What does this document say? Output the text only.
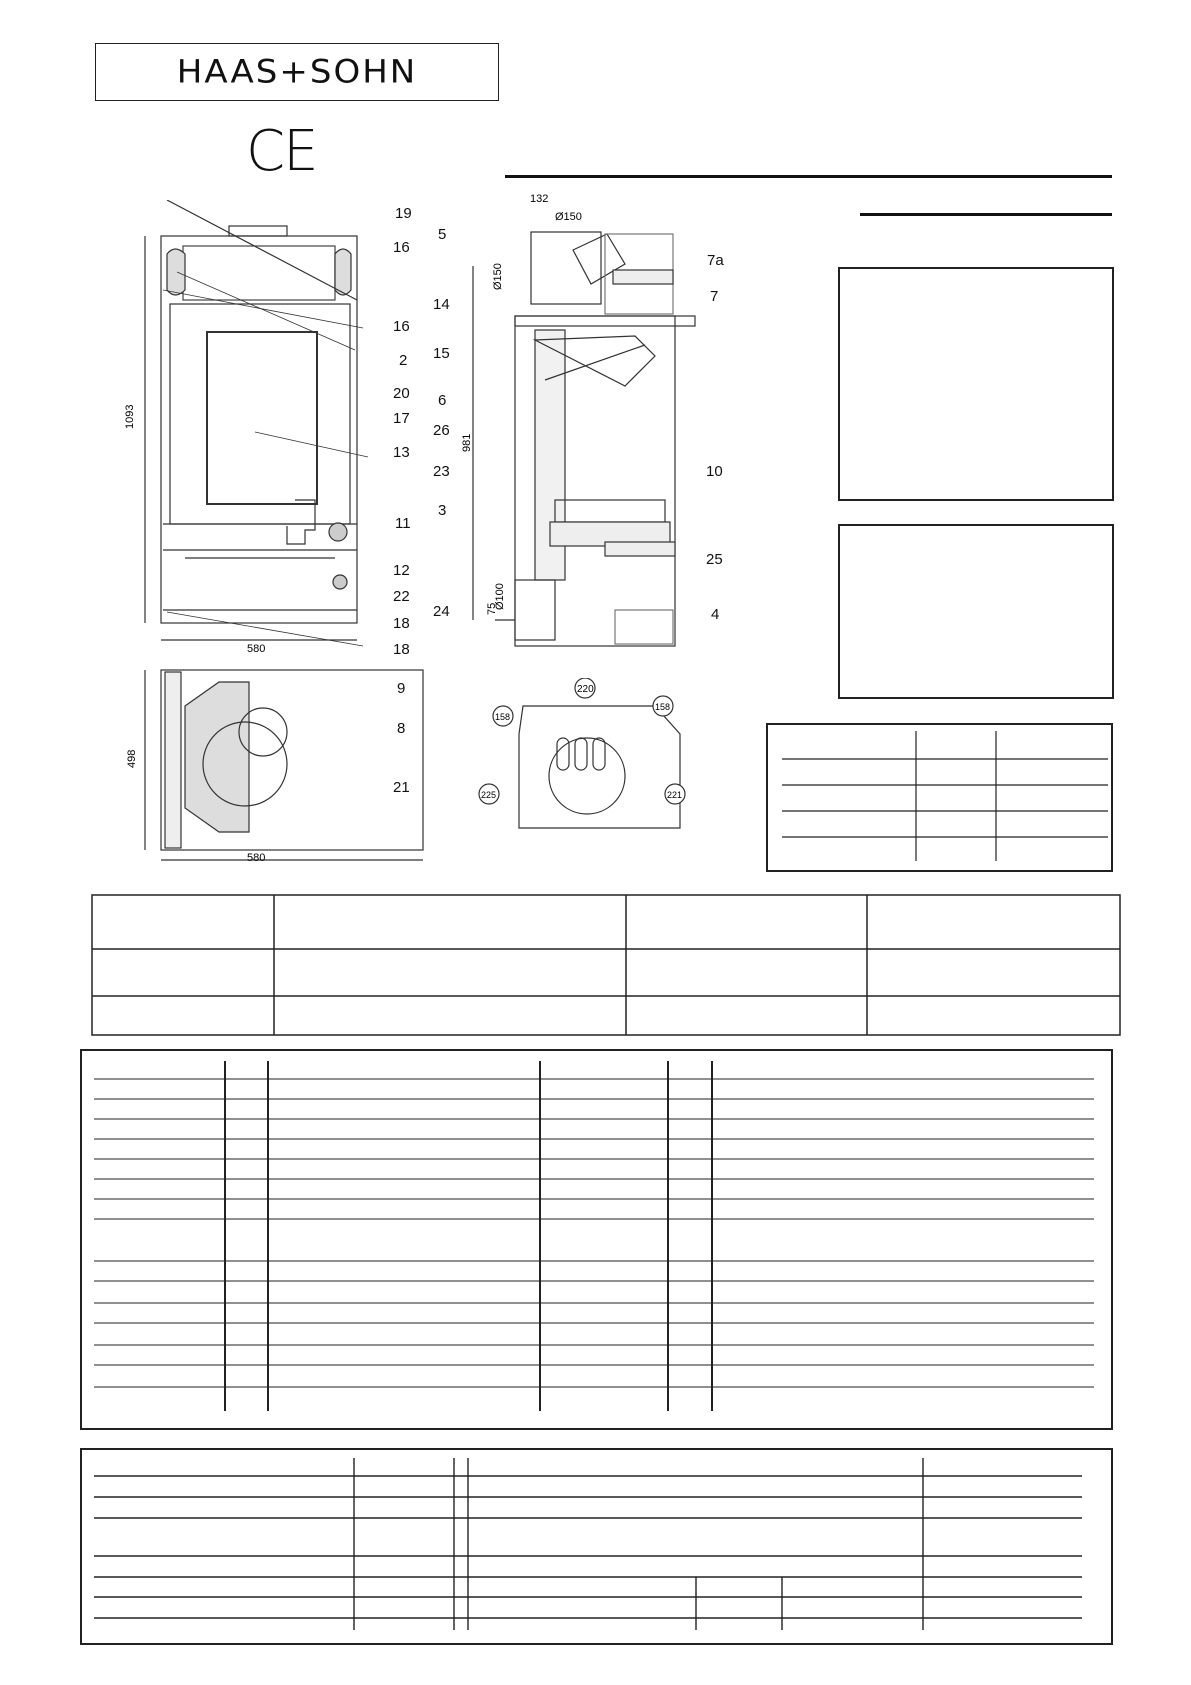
HAAS+SOHN
CE
1093
580
19
16
16
2
20
17
13
11
12
22
18
18
132
Ø150
Ø150
981
Ø100
75
5
14
15
6
26
23
3
24
7a
7
10
25
4
498
580
9
8
21
220
158
158
225	221
